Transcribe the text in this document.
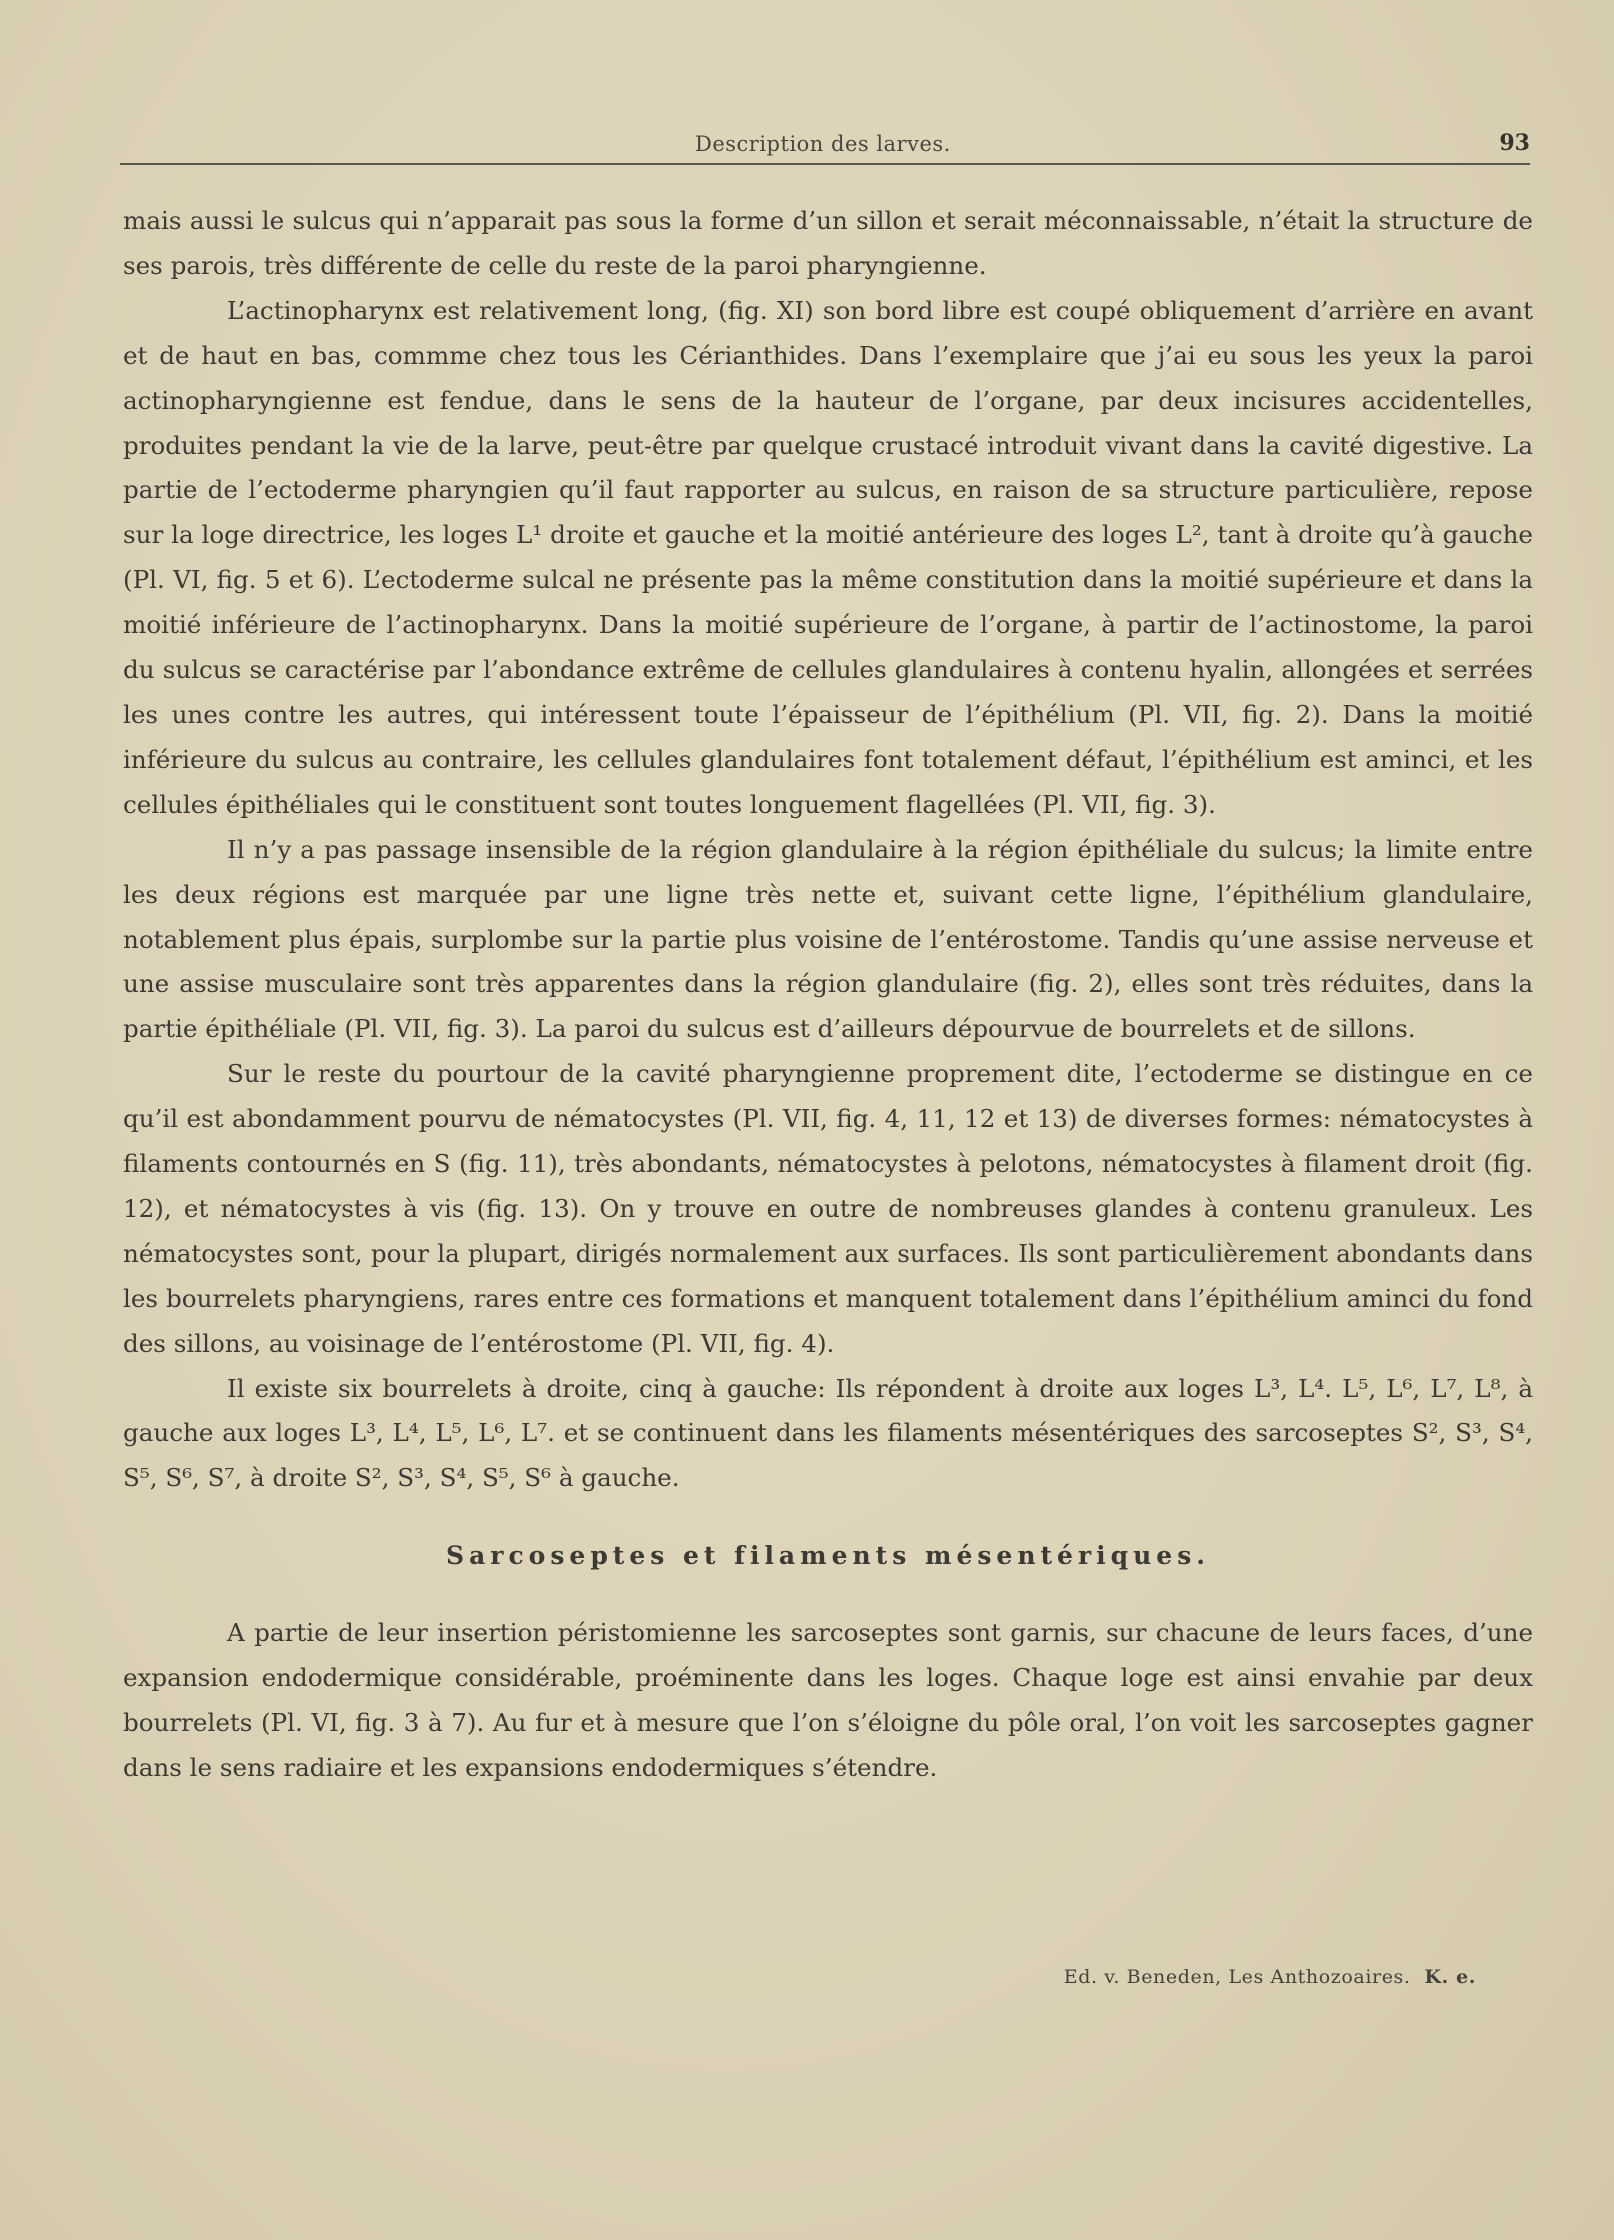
Description des larves.	93

mais aussi le sulcus qui n’apparait pas sous la forme d’un sillon et serait méconnaissable, n’était la structure de ses parois, très différente de celle du reste de la paroi pharyngienne.

L’actinopharynx est relativement long, (fig. XI) son bord libre est coupé obliquement d’arrière en avant et de haut en bas, commme chez tous les Cérianthides. Dans l’exemplaire que j’ai eu sous les yeux la paroi actinopharyngienne est fendue, dans le sens de la hauteur de l’organe, par deux incisures accidentelles, produites pendant la vie de la larve, peut-être par quelque crustacé introduit vivant dans la cavité digestive. La partie de l’ectoderme pharyngien qu’il faut rapporter au sulcus, en raison de sa structure particulière, repose sur la loge directrice, les loges L¹ droite et gauche et la moitié antérieure des loges L², tant à droite qu’à gauche (Pl. VI, fig. 5 et 6). L’ectoderme sulcal ne présente pas la même constitution dans la moitié supérieure et dans la moitié inférieure de l’actinopharynx. Dans la moitié supérieure de l’organe, à partir de l’actinostome, la paroi du sulcus se caractérise par l’abondance extrême de cellules glandulaires à contenu hyalin, allongées et serrées les unes contre les autres, qui intéressent toute l’épaisseur de l’épithélium (Pl. VII, fig. 2). Dans la moitié inférieure du sulcus au contraire, les cellules glandulaires font totalement défaut, l’épithélium est aminci, et les cellules épithéliales qui le constituent sont toutes longuement flagellées (Pl. VII, fig. 3).

Il n’y a pas passage insensible de la région glandulaire à la région épithéliale du sulcus; la limite entre les deux régions est marquée par une ligne très nette et, suivant cette ligne, l’épithélium glandulaire, notablement plus épais, surplombe sur la partie plus voisine de l’entérostome. Tandis qu’une assise nerveuse et une assise musculaire sont très apparentes dans la région glandulaire (fig. 2), elles sont très réduites, dans la partie épithéliale (Pl. VII, fig. 3). La paroi du sulcus est d’ailleurs dépourvue de bourrelets et de sillons.

Sur le reste du pourtour de la cavité pharyngienne proprement dite, l’ectoderme se distingue en ce qu’il est abondamment pourvu de nématocystes (Pl. VII, fig. 4, 11, 12 et 13) de diverses formes: nématocystes à filaments contournés en S (fig. 11), très abondants, nématocystes à pelotons, nématocystes à filament droit (fig. 12), et nématocystes à vis (fig. 13). On y trouve en outre de nombreuses glandes à contenu granuleux. Les nématocystes sont, pour la plupart, dirigés normalement aux surfaces. Ils sont particulièrement abondants dans les bourrelets pharyngiens, rares entre ces formations et manquent totalement dans l’épithélium aminci du fond des sillons, au voisinage de l’entérostome (Pl. VII, fig. 4).

Il existe six bourrelets à droite, cinq à gauche: Ils répondent à droite aux loges L³, L⁴. L⁵, L⁶, L⁷, L⁸, à gauche aux loges L³, L⁴, L⁵, L⁶, L⁷. et se continuent dans les filaments mésentériques des sarcoseptes S², S³, S⁴, S⁵, S⁶, S⁷, à droite S², S³, S⁴, S⁵, S⁶ à gauche.

Sarcoseptes et filaments mésentériques.

A partie de leur insertion péristomienne les sarcoseptes sont garnis, sur chacune de leurs faces, d’une expansion endodermique considérable, proéminente dans les loges. Chaque loge est ainsi envahie par deux bourrelets (Pl. VI, fig. 3 à 7). Au fur et à mesure que l’on s’éloigne du pôle oral, l’on voit les sarcoseptes gagner dans le sens radiaire et les expansions endodermiques s’étendre.

Ed. v. Beneden, Les Anthozoaires. K. e.
